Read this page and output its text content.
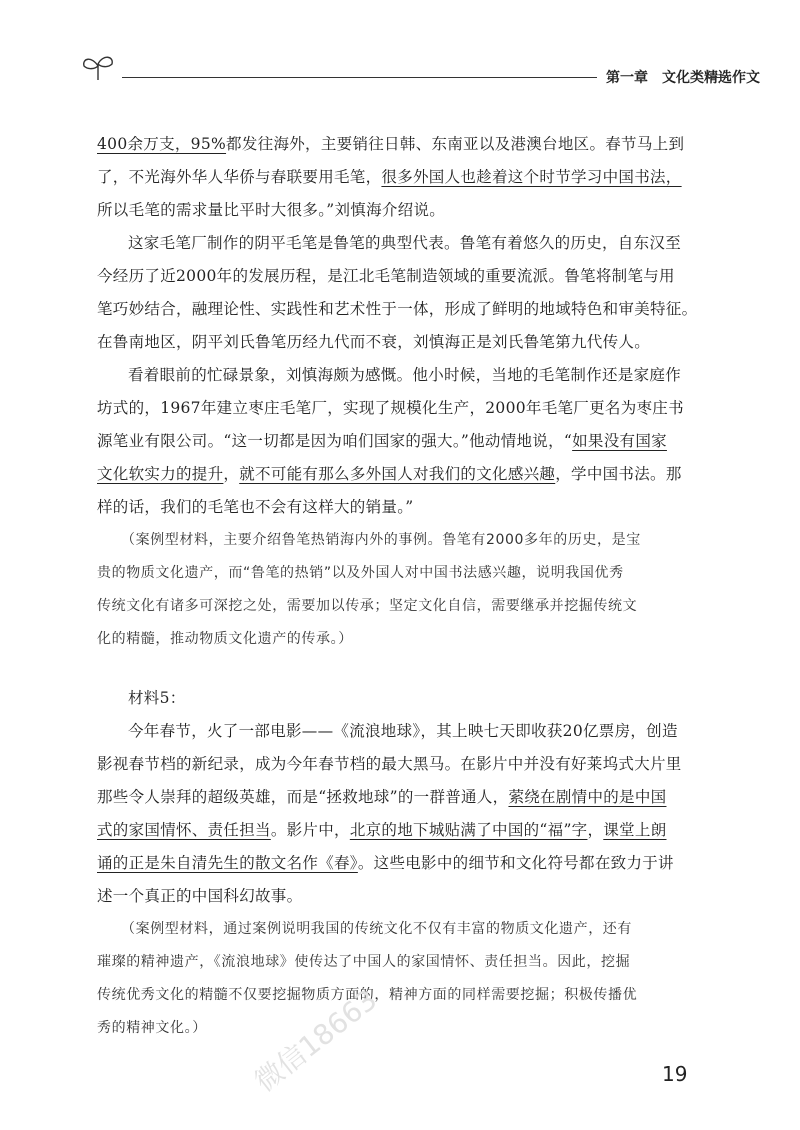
第一章　文化类精选作文
400余万支，95%都发往海外，主要销往日韩、东南亚以及港澳台地区。春节马上到
了，不光海外华人华侨与春联要用毛笔，很多外国人也趁着这个时节学习中国书法，
所以毛笔的需求量比平时大很多。”刘慎海介绍说。
这家毛笔厂制作的阴平毛笔是鲁笔的典型代表。鲁笔有着悠久的历史，自东汉至
今经历了近2000年的发展历程，是江北毛笔制造领域的重要流派。鲁笔将制笔与用
笔巧妙结合，融理论性、实践性和艺术性于一体，形成了鲜明的地域特色和审美特征。
在鲁南地区，阴平刘氏鲁笔历经九代而不衰，刘慎海正是刘氏鲁笔第九代传人。
看着眼前的忙碌景象，刘慎海颇为感慨。他小时候，当地的毛笔制作还是家庭作
坊式的，1967年建立枣庄毛笔厂，实现了规模化生产，2000年毛笔厂更名为枣庄书
源笔业有限公司。“这一切都是因为咱们国家的强大。”他动情地说，“如果没有国家
文化软实力的提升，就不可能有那么多外国人对我们的文化感兴趣，学中国书法。那
样的话，我们的毛笔也不会有这样大的销量。”
（案例型材料，主要介绍鲁笔热销海内外的事例。鲁笔有2000多年的历史，是宝
贵的物质文化遗产，而“鲁笔的热销”以及外国人对中国书法感兴趣，说明我国优秀
传统文化有诸多可深挖之处，需要加以传承；坚定文化自信，需要继承并挖掘传统文
化的精髓，推动物质文化遗产的传承。）
材料5：
今年春节，火了一部电影——《流浪地球》，其上映七天即收获20亿票房，创造
影视春节档的新纪录，成为今年春节档的最大黑马。在影片中并没有好莱坞式大片里
那些令人崇拜的超级英雄，而是“拯救地球”的一群普通人，萦绕在剧情中的是中国
式的家国情怀、责任担当。影片中，北京的地下城贴满了中国的“福”字，课堂上朗
诵的正是朱自清先生的散文名作《春》。这些电影中的细节和文化符号都在致力于讲
述一个真正的中国科幻故事。
（案例型材料，通过案例说明我国的传统文化不仅有丰富的物质文化遗产，还有
璀璨的精神遗产，《流浪地球》使传达了中国人的家国情怀、责任担当。因此，挖掘
传统优秀文化的精髓不仅要挖掘物质方面的，精神方面的同样需要挖掘；积极传播优
秀的精神文化。）	微信18663	19
